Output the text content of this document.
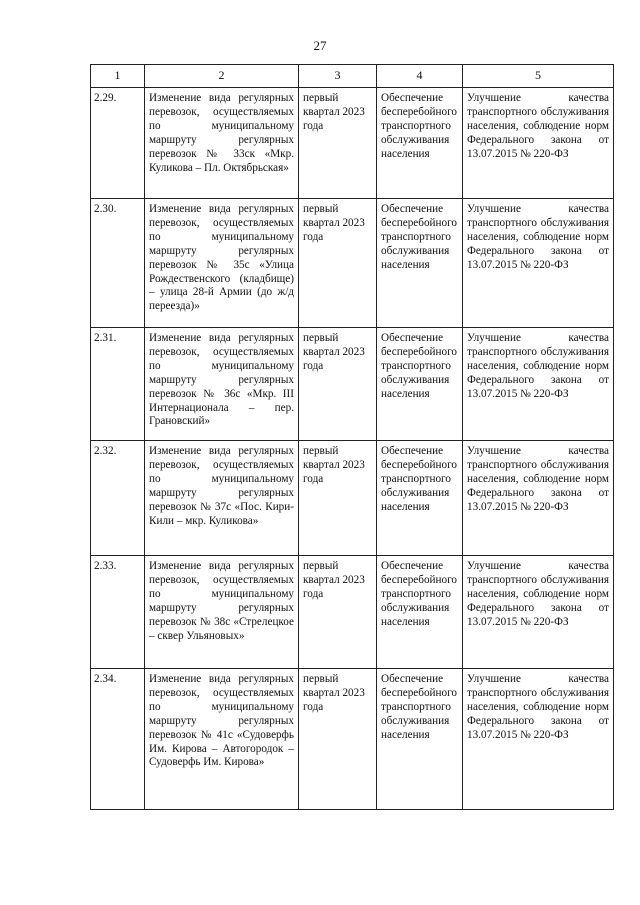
27
1	2	3	4	5

2.29.	Изменение вида регулярных перевозок, осуществляемых по муниципальному маршруту регулярных перевозок № 33ск «Мкр. Куликова – Пл. Октябрьская»	первый квартал 2023 года	Обеспечение бесперебойного транспортного обслуживания населения	Улучшение качества транспортного обслуживания населения, соблюдение норм Федерального закона от 13.07.2015 № 220-ФЗ

2.30.	Изменение вида регулярных перевозок, осуществляемых по муниципальному маршруту регулярных перевозок № 35с «Улица Рождественского (кладбище) – улица 28-й Армии (до ж/д переезда)»	первый квартал 2023 года	Обеспечение бесперебойного транспортного обслуживания населения	Улучшение качества транспортного обслуживания населения, соблюдение норм Федерального закона от 13.07.2015 № 220-ФЗ

2.31.	Изменение вида регулярных перевозок, осуществляемых по муниципальному маршруту регулярных перевозок № 36с «Мкр. III Интернационала – пер. Грановский»	первый квартал 2023 года	Обеспечение бесперебойного транспортного обслуживания населения	Улучшение качества транспортного обслуживания населения, соблюдение норм Федерального закона от 13.07.2015 № 220-ФЗ

2.32.	Изменение вида регулярных перевозок, осуществляемых по муниципальному маршруту регулярных перевозок № 37с «Пос. Кири-Кили – мкр. Куликова»	первый квартал 2023 года	Обеспечение бесперебойного транспортного обслуживания населения	Улучшение качества транспортного обслуживания населения, соблюдение норм Федерального закона от 13.07.2015 № 220-ФЗ

2.33.	Изменение вида регулярных перевозок, осуществляемых по муниципальному маршруту регулярных перевозок № 38с «Стрелецкое – сквер Ульяновых»	первый квартал 2023 года	Обеспечение бесперебойного транспортного обслуживания населения	Улучшение качества транспортного обслуживания населения, соблюдение норм Федерального закона от 13.07.2015 № 220-ФЗ

2.34.	Изменение вида регулярных перевозок, осуществляемых по муниципальному маршруту регулярных перевозок № 41с «Судоверфь Им. Кирова – Автогородок – Судоверфь Им. Кирова»	первый квартал 2023 года	Обеспечение бесперебойного транспортного обслуживания населения	Улучшение качества транспортного обслуживания населения, соблюдение норм Федерального закона от 13.07.2015 № 220-ФЗ
